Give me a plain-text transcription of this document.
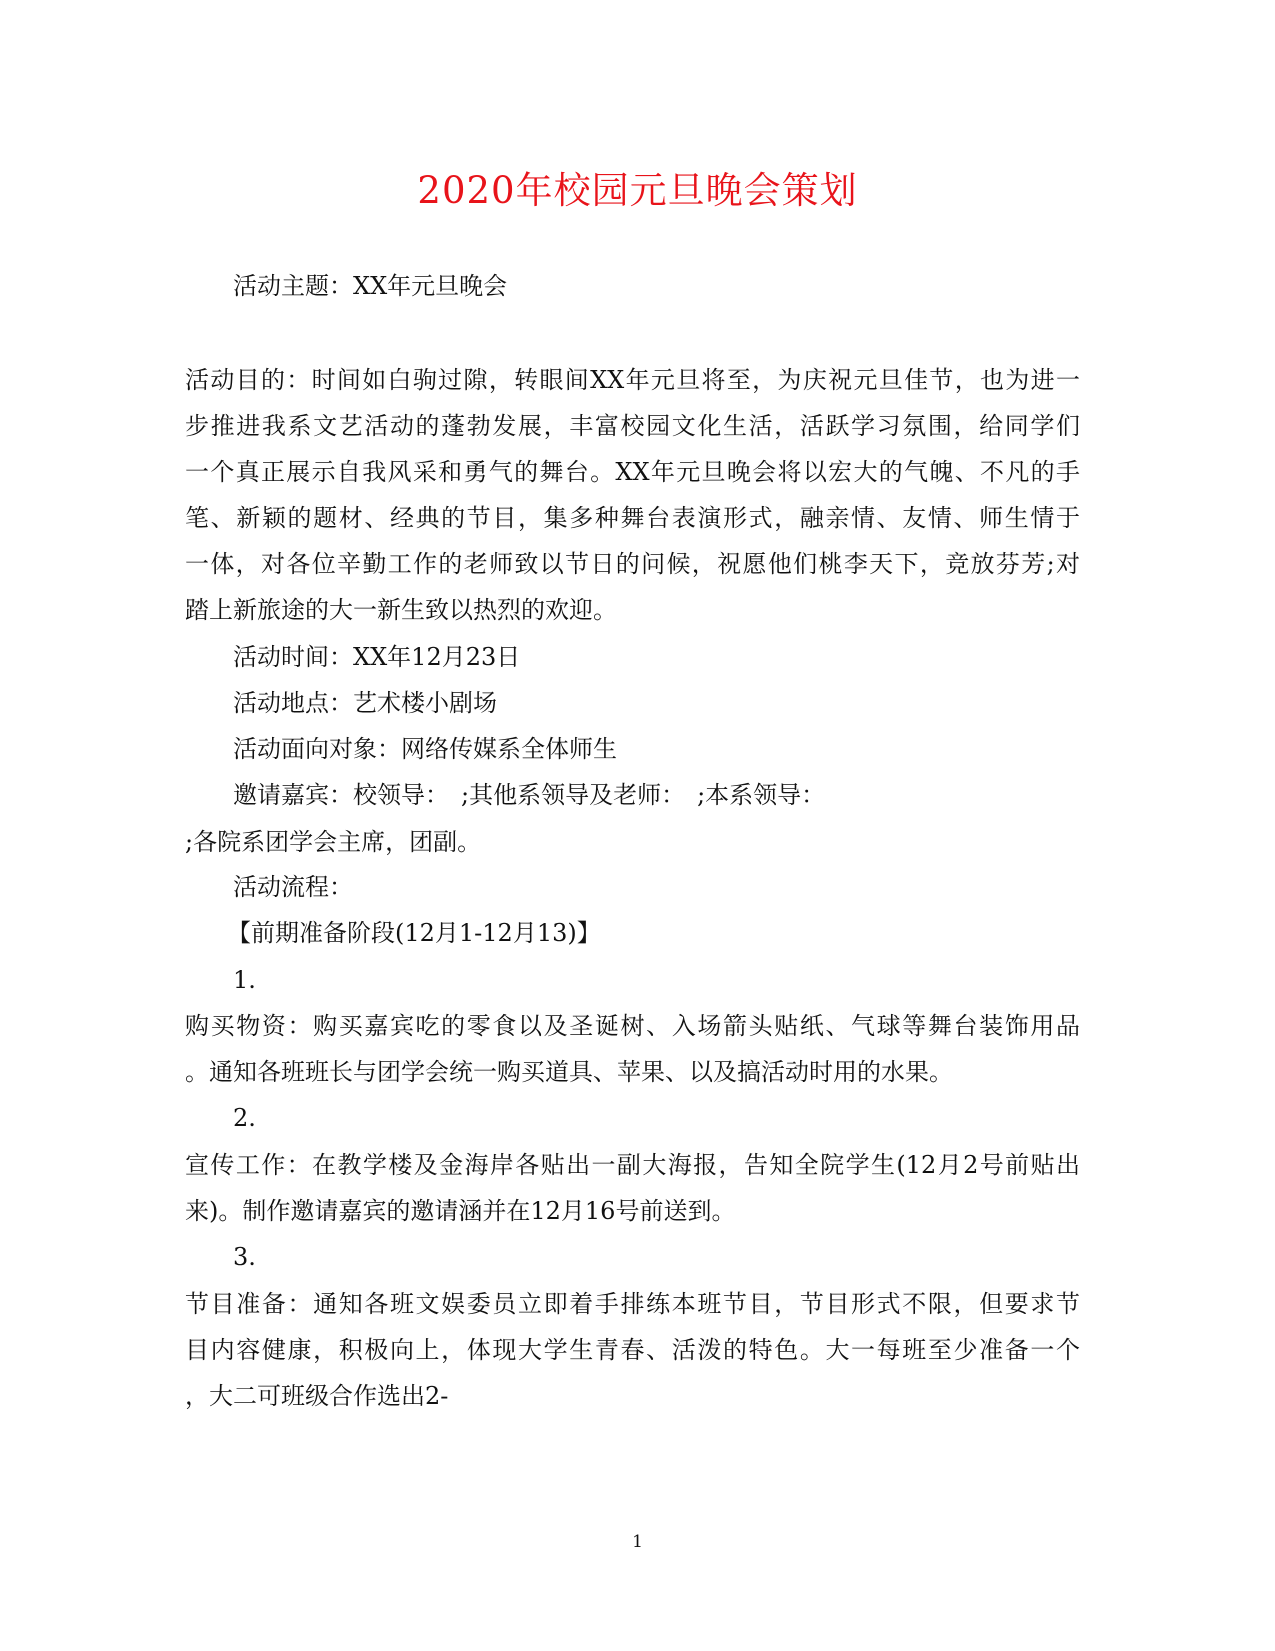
2020年校园元旦晚会策划
活动主题：XX年元旦晚会
活动目的：时间如白驹过隙，转眼间XX年元旦将至，为庆祝元旦佳节，也为进一
步推进我系文艺活动的蓬勃发展，丰富校园文化生活，活跃学习氛围，给同学们
一个真正展示自我风采和勇气的舞台。XX年元旦晚会将以宏大的气魄、不凡的手
笔、新颖的题材、经典的节目，集多种舞台表演形式，融亲情、友情、师生情于
一体，对各位辛勤工作的老师致以节日的问候，祝愿他们桃李天下，竞放芬芳;对
踏上新旅途的大一新生致以热烈的欢迎。
活动时间：XX年12月23日
活动地点：艺术楼小剧场
活动面向对象：网络传媒系全体师生
邀请嘉宾：校领导：　;其他系领导及老师：　;本系领导：
;各院系团学会主席，团副。
活动流程：
【前期准备阶段(12月1-12月13)】
1.
购买物资：购买嘉宾吃的零食以及圣诞树、入场箭头贴纸、气球等舞台装饰用品
。通知各班班长与团学会统一购买道具、苹果、以及搞活动时用的水果。
2.
宣传工作：在教学楼及金海岸各贴出一副大海报，告知全院学生(12月2号前贴出
来)。制作邀请嘉宾的邀请涵并在12月16号前送到。
3.
节目准备：通知各班文娱委员立即着手排练本班节目，节目形式不限，但要求节
目内容健康，积极向上，体现大学生青春、活泼的特色。大一每班至少准备一个
，大二可班级合作选出2-
1
